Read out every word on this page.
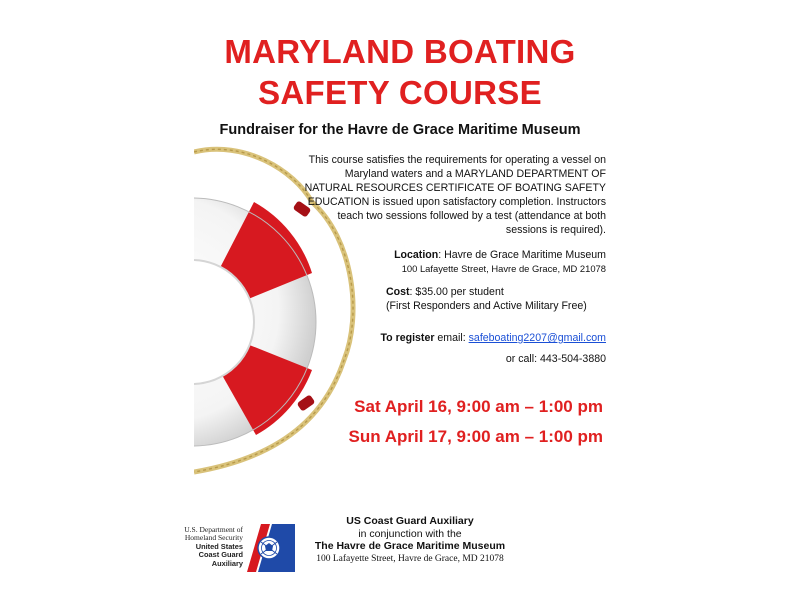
MARYLAND BOATING
SAFETY COURSE
Fundraiser for the Havre de Grace Maritime Museum

This course satisfies the requirements for operating a vessel on Maryland waters and a MARYLAND DEPARTMENT OF NATURAL RESOURCES CERTIFICATE OF BOATING SAFETY EDUCATION is issued upon satisfactory completion. Instructors teach two sessions followed by a test (attendance at both sessions is required).

Location: Havre de Grace Maritime Museum

100 Lafayette Street, Havre de Grace, MD 21078

Cost: $35.00 per student

(First Responders and Active Military Free)

To register email: safeboating2207@gmail.com

or call: 443-504-3880

Sat April 16, 9:00 am – 1:00 pm

Sun April 17, 9:00 am – 1:00 pm

U.S. Department of
Homeland Security
United States
Coast Guard
Auxiliary

US Coast Guard Auxiliary

in conjunction with the

The Havre de Grace Maritime Museum

100 Lafayette Street, Havre de Grace, MD 21078
